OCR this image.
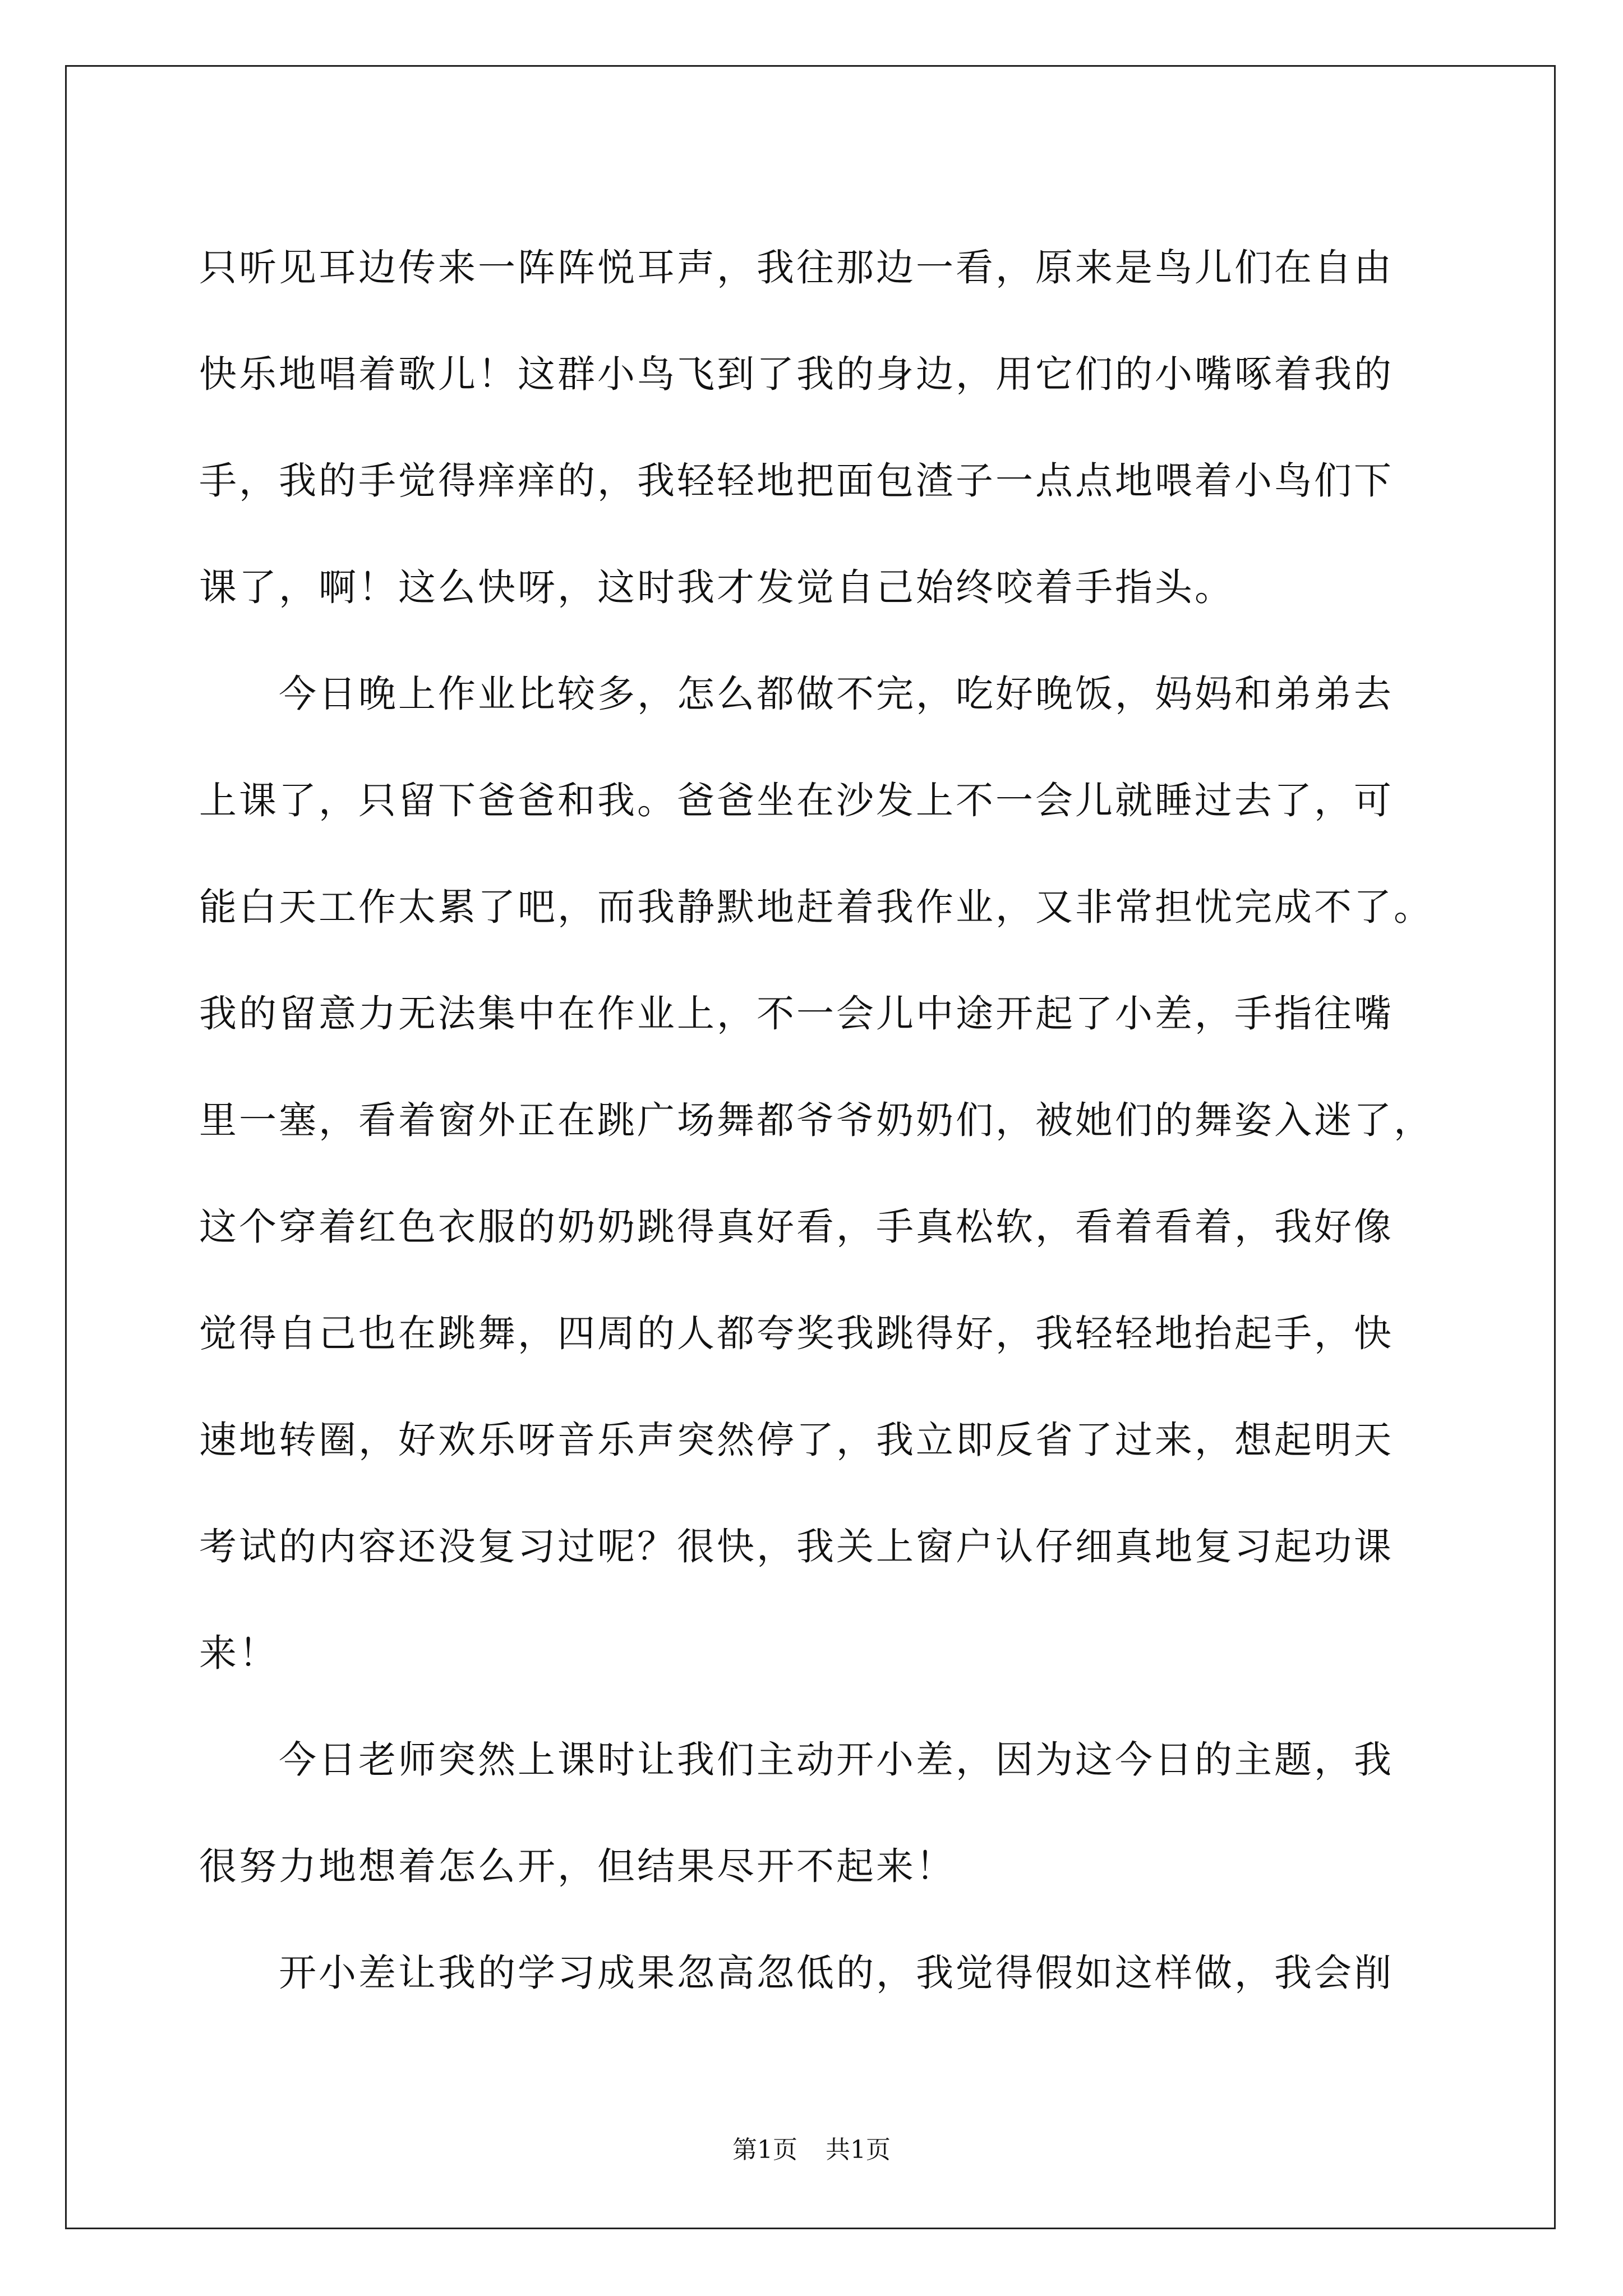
只听见耳边传来一阵阵悦耳声，我往那边一看，原来是鸟儿们在自由
快乐地唱着歌儿！这群小鸟飞到了我的身边，用它们的小嘴啄着我的
手，我的手觉得痒痒的，我轻轻地把面包渣子一点点地喂着小鸟们下
课了，啊！这么快呀，这时我才发觉自己始终咬着手指头。
　　今日晚上作业比较多，怎么都做不完，吃好晚饭，妈妈和弟弟去
上课了，只留下爸爸和我。爸爸坐在沙发上不一会儿就睡过去了，可
能白天工作太累了吧，而我静默地赶着我作业，又非常担忧完成不了。
我的留意力无法集中在作业上，不一会儿中途开起了小差，手指往嘴
里一塞，看着窗外正在跳广场舞都爷爷奶奶们，被她们的舞姿入迷了，
这个穿着红色衣服的奶奶跳得真好看，手真松软，看着看着，我好像
觉得自己也在跳舞，四周的人都夸奖我跳得好，我轻轻地抬起手，快
速地转圈，好欢乐呀音乐声突然停了，我立即反省了过来，想起明天
考试的内容还没复习过呢？很快，我关上窗户认仔细真地复习起功课
来！
　　今日老师突然上课时让我们主动开小差，因为这今日的主题，我
很努力地想着怎么开，但结果尽开不起来！
　　开小差让我的学习成果忽高忽低的，我觉得假如这样做，我会削
第1页 共1页
